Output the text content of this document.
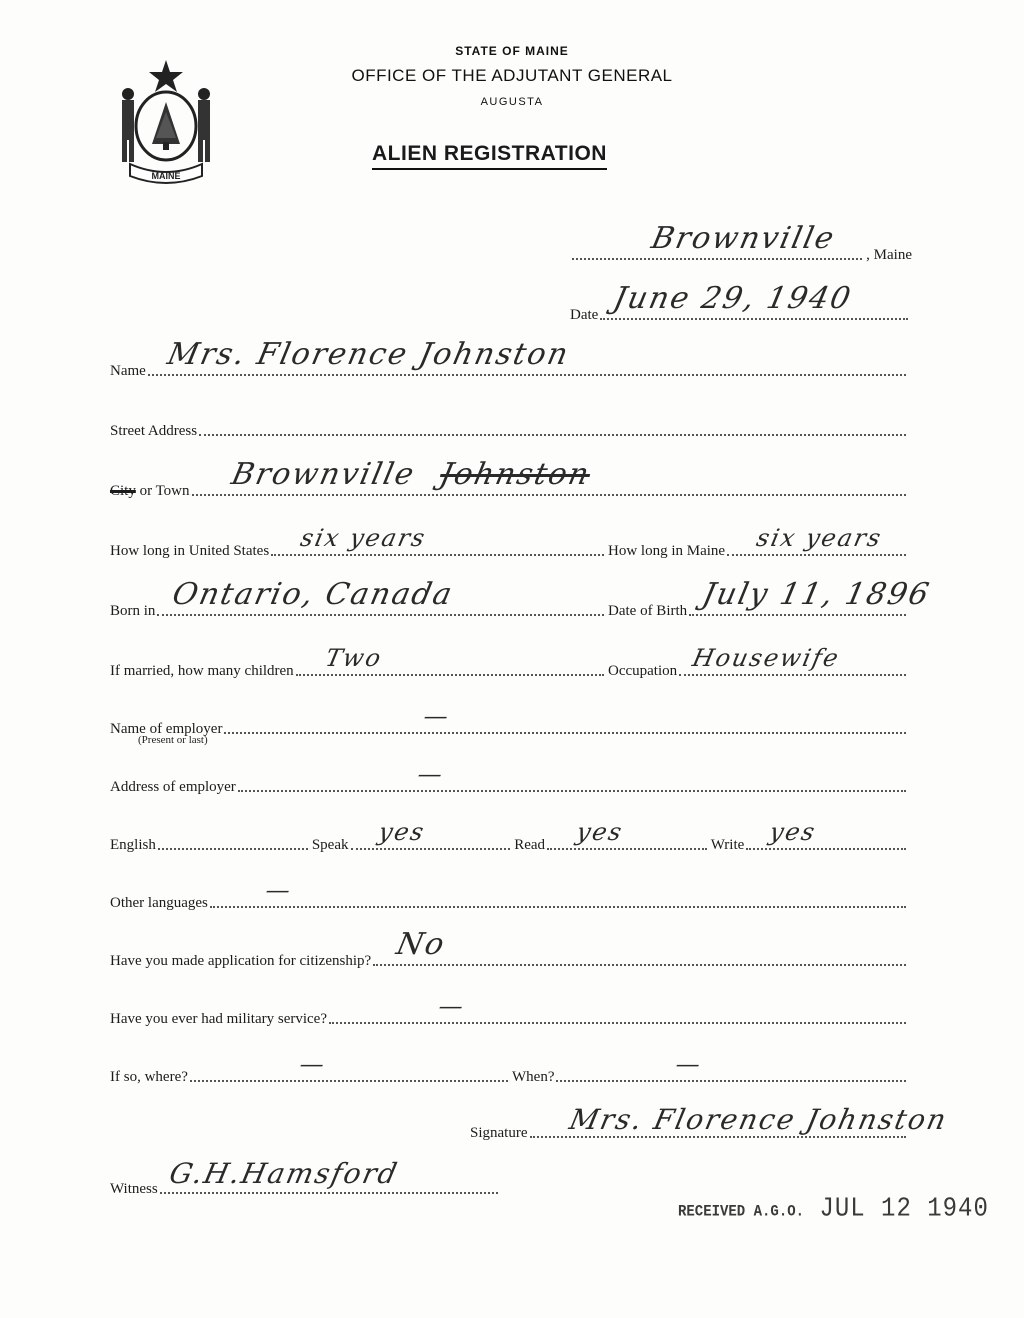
MAINE
STATE OF MAINE
OFFICE OF THE ADJUTANT GENERAL
AUGUSTA
ALIEN REGISTRATION
Brownville , Maine
Date June 29, 1940
Name Mrs. Florence Johnston
Street Address
City or Town Brownville Johnston
How long in United States six years	How long in Maine six years
Born in Ontario, Canada	Date of Birth July 11, 1896
If married, how many children Two	Occupation Housewife
Name of employer	—
(Present or last)
Address of employer	—
English	Speak yes	Read yes	Write yes
Other languages —
Have you made application for citizenship? No
Have you ever had military service?	—
If so, where?	—	When?	—
Signature Mrs. Florence Johnston
Witness G.H.Hamsford
RECEIVED A.G.O. JUL 12 1940
